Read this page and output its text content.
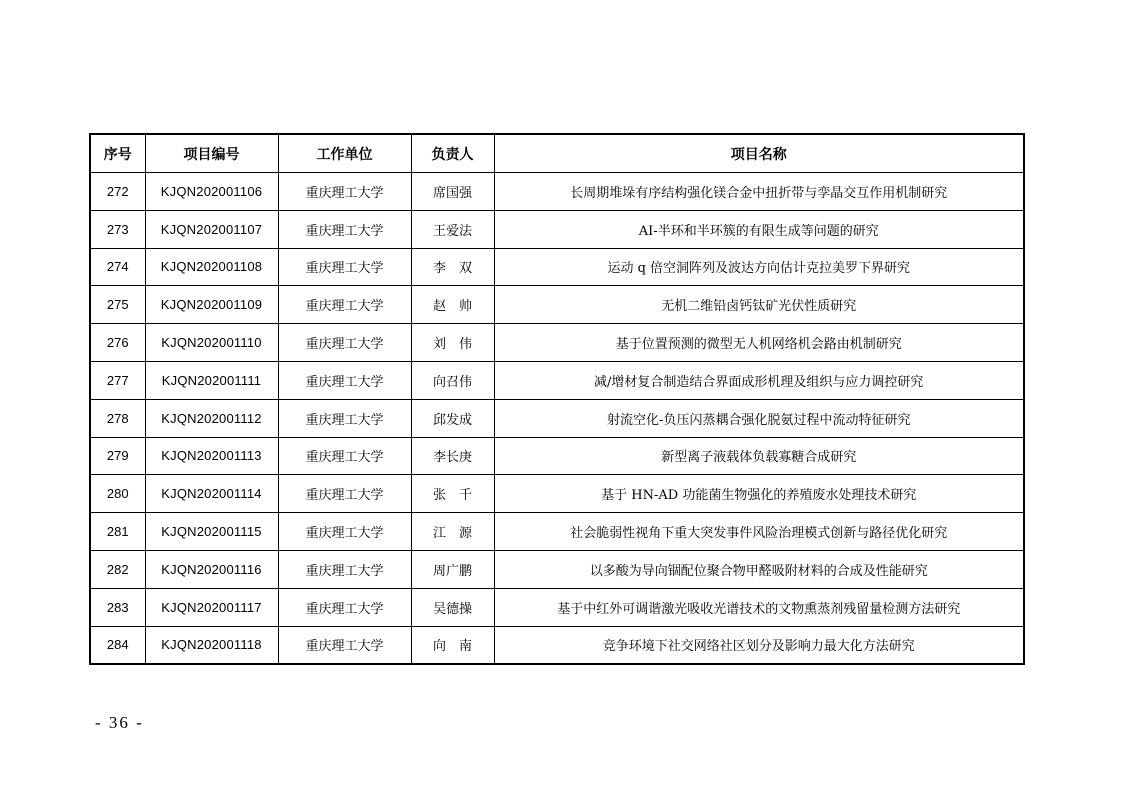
序号	项目编号	工作单位	负责人	项目名称
272	KJQN202001106	重庆理工大学	席国强	长周期堆垛有序结构强化镁合金中扭折带与孪晶交互作用机制研究
273	KJQN202001107	重庆理工大学	王爱法	AI-半环和半环簇的有限生成等问题的研究
274	KJQN202001108	重庆理工大学	李　双	运动 q 倍空洞阵列及波达方向估计克拉美罗下界研究
275	KJQN202001109	重庆理工大学	赵　帅	无机二维铅卤钙钛矿光伏性质研究
276	KJQN202001110	重庆理工大学	刘　伟	基于位置预测的微型无人机网络机会路由机制研究
277	KJQN202001111	重庆理工大学	向召伟	减/增材复合制造结合界面成形机理及组织与应力调控研究
278	KJQN202001112	重庆理工大学	邱发成	射流空化-负压闪蒸耦合强化脱氨过程中流动特征研究
279	KJQN202001113	重庆理工大学	李长庚	新型离子液载体负载寡糖合成研究
280	KJQN202001114	重庆理工大学	张　千	基于 HN-AD 功能菌生物强化的养殖废水处理技术研究
281	KJQN202001115	重庆理工大学	江　源	社会脆弱性视角下重大突发事件风险治理模式创新与路径优化研究
282	KJQN202001116	重庆理工大学	周广鹏	以多酸为导向锢配位聚合物甲醛吸附材料的合成及性能研究
283	KJQN202001117	重庆理工大学	吴德操	基于中红外可调谐激光吸收光谱技术的文物熏蒸剂残留量检测方法研究
284	KJQN202001118	重庆理工大学	向　南	竞争环境下社交网络社区划分及影响力最大化方法研究
- 36 -
